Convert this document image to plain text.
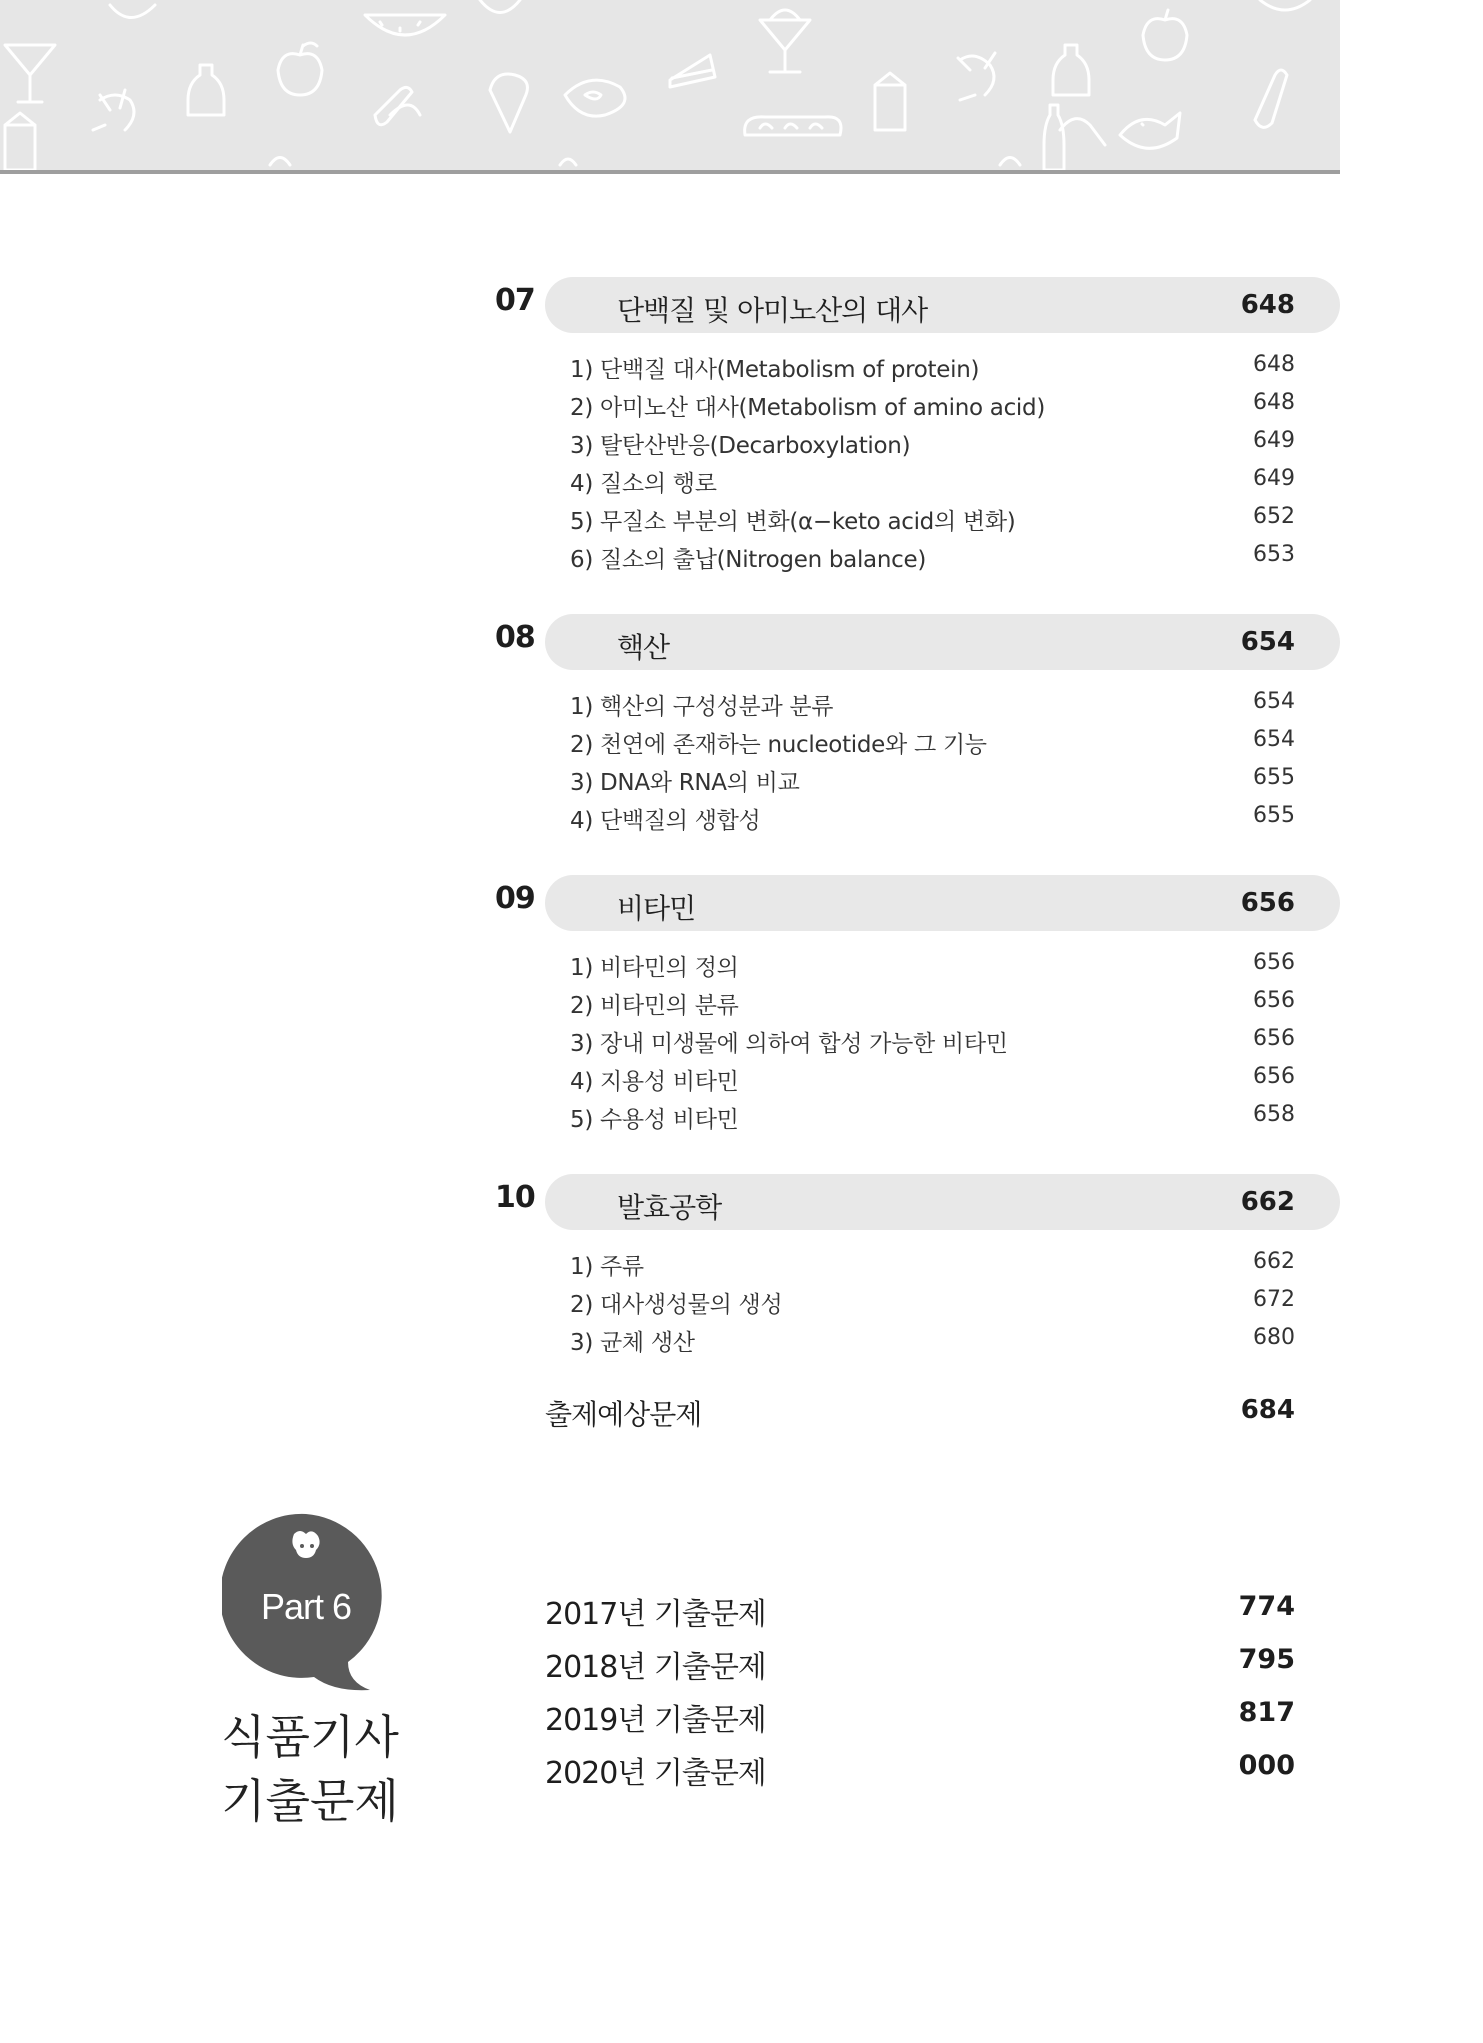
07	단백질 및 아미노산의 대사	648
1) 단백질 대사(Metabolism of protein)	648
2) 아미노산 대사(Metabolism of amino acid)	648
3) 탈탄산반응(Decarboxylation)	649
4) 질소의 행로	649
5) 무질소 부분의 변화(α−keto acid의 변화)	652
6) 질소의 출납(Nitrogen balance)	653
08	핵산	654
1) 핵산의 구성성분과 분류	654
2) 천연에 존재하는 nucleotide와 그 기능	654
3) DNA와 RNA의 비교	655
4) 단백질의 생합성	655
09	비타민	656
1) 비타민의 정의	656
2) 비타민의 분류	656
3) 장내 미생물에 의하여 합성 가능한 비타민	656
4) 지용성 비타민	656
5) 수용성 비타민	658
10	발효공학	662
1) 주류	662
2) 대사생성물의 생성	672
3) 균체 생산	680
출제예상문제	684
Part 6
식품기사
기출문제
2017년 기출문제	774
2018년 기출문제	795
2019년 기출문제	817
2020년 기출문제	000
